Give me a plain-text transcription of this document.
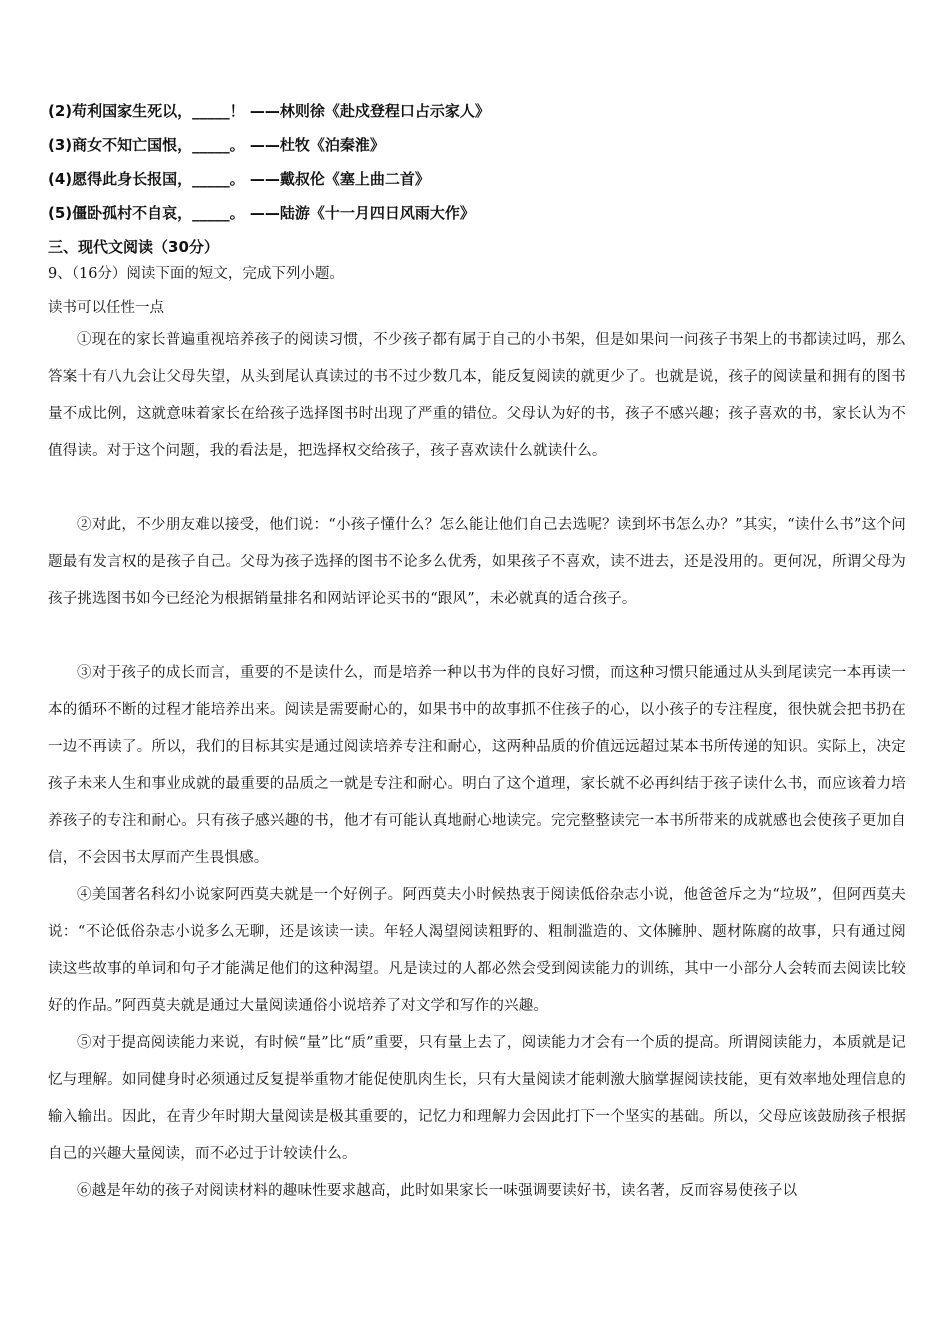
(2)苟利国家生死以，_____！ ——林则徐《赴戍登程口占示家人》
(3)商女不知亡国恨，_____。 ——杜牧《泊秦淮》
(4)愿得此身长报国，_____。 ——戴叔伦《塞上曲二首》
(5)僵卧孤村不自哀，_____。 ——陆游《十一月四日风雨大作》
三、现代文阅读（30分）
9、（16分）阅读下面的短文，完成下列小题。
读书可以任性一点
①现在的家长普遍重视培养孩子的阅读习惯，不少孩子都有属于自己的小书架，但是如果问一问孩子书架上的书都读过吗，那么答案十有八九会让父母失望，从头到尾认真读过的书不过少数几本，能反复阅读的就更少了。也就是说，孩子的阅读量和拥有的图书量不成比例，这就意味着家长在给孩子选择图书时出现了严重的错位。父母认为好的书，孩子不感兴趣；孩子喜欢的书，家长认为不值得读。对于这个问题，我的看法是，把选择权交给孩子，孩子喜欢读什么就读什么。
②对此，不少朋友难以接受，他们说：“小孩子懂什么？怎么能让他们自己去选呢？读到坏书怎么办？”其实，“读什么书”这个问题最有发言权的是孩子自己。父母为孩子选择的图书不论多么优秀，如果孩子不喜欢，读不进去，还是没用的。更何况，所谓父母为孩子挑选图书如今已经沦为根据销量排名和网站评论买书的“跟风”，未必就真的适合孩子。
③对于孩子的成长而言，重要的不是读什么，而是培养一种以书为伴的良好习惯，而这种习惯只能通过从头到尾读完一本再读一本的循环不断的过程才能培养出来。阅读是需要耐心的，如果书中的故事抓不住孩子的心，以小孩子的专注程度，很快就会把书扔在一边不再读了。所以，我们的目标其实是通过阅读培养专注和耐心，这两种品质的价值远远超过某本书所传递的知识。实际上，决定孩子未来人生和事业成就的最重要的品质之一就是专注和耐心。明白了这个道理，家长就不必再纠结于孩子读什么书，而应该着力培养孩子的专注和耐心。只有孩子感兴趣的书，他才有可能认真地耐心地读完。完完整整读完一本书所带来的成就感也会使孩子更加自信，不会因书太厚而产生畏惧感。
④美国著名科幻小说家阿西莫夫就是一个好例子。阿西莫夫小时候热衷于阅读低俗杂志小说，他爸爸斥之为“垃圾”，但阿西莫夫说：“不论低俗杂志小说多么无聊，还是该读一读。年轻人渴望阅读粗野的、粗制滥造的、文体臃肿、题材陈腐的故事，只有通过阅读这些故事的单词和句子才能满足他们的这种渴望。凡是读过的人都必然会受到阅读能力的训练，其中一小部分人会转而去阅读比较好的作品。”阿西莫夫就是通过大量阅读通俗小说培养了对文学和写作的兴趣。
⑤对于提高阅读能力来说，有时候“量”比“质”重要，只有量上去了，阅读能力才会有一个质的提高。所谓阅读能力，本质就是记忆与理解。如同健身时必须通过反复提举重物才能促使肌肉生长，只有大量阅读才能刺激大脑掌握阅读技能，更有效率地处理信息的输入输出。因此，在青少年时期大量阅读是极其重要的，记忆力和理解力会因此打下一个坚实的基础。所以，父母应该鼓励孩子根据自己的兴趣大量阅读，而不必过于计较读什么。
⑥越是年幼的孩子对阅读材料的趣味性要求越高，此时如果家长一味强调要读好书，读名著，反而容易使孩子以
